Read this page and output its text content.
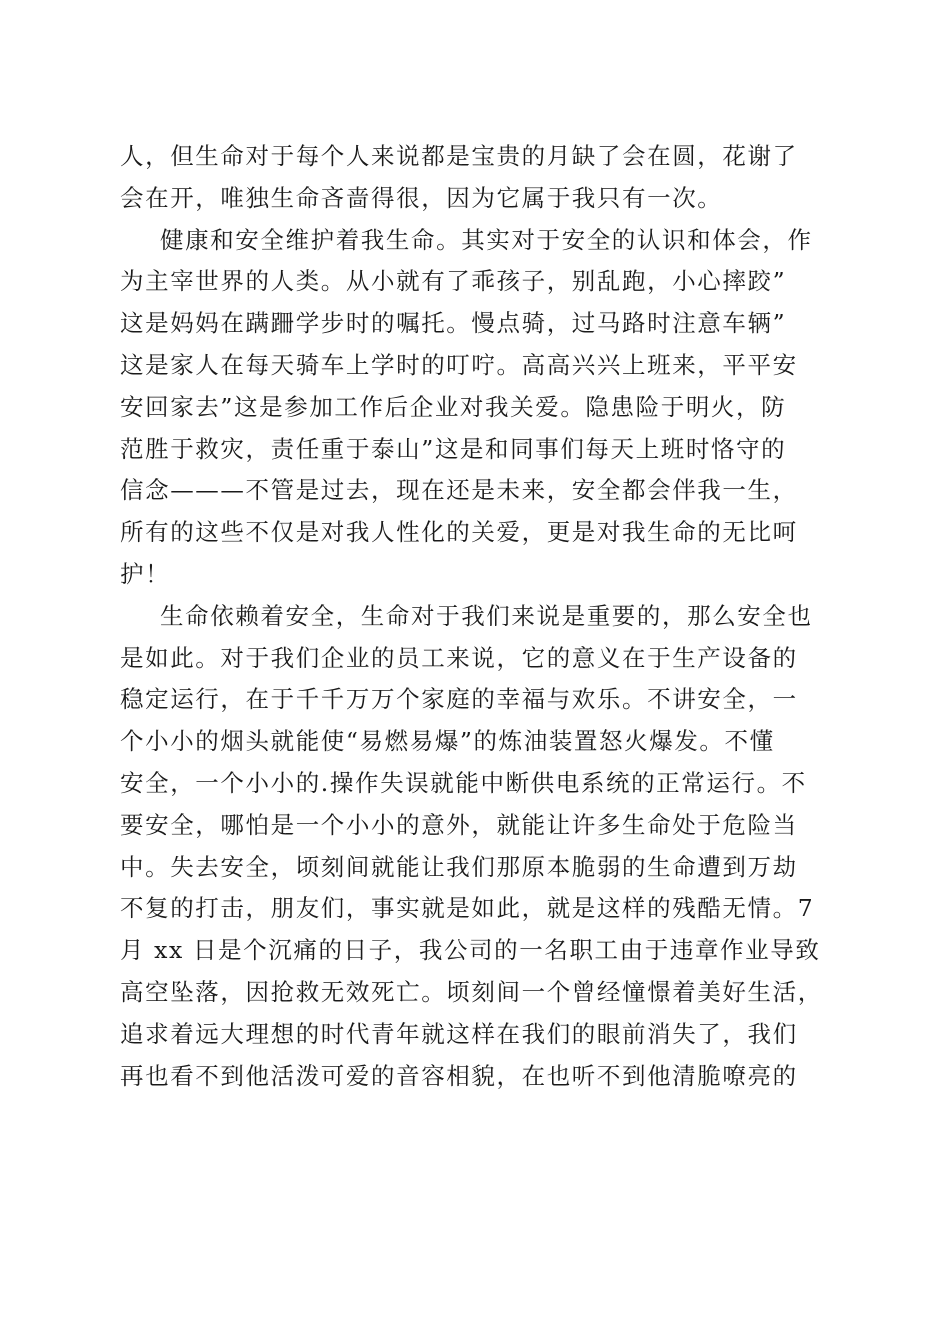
人，但生命对于每个人来说都是宝贵的月缺了会在圆，花谢了
会在开，唯独生命吝啬得很，因为它属于我只有一次。
健康和安全维护着我生命。其实对于安全的认识和体会，作
为主宰世界的人类。从小就有了乖孩子，别乱跑，小心摔跤”
这是妈妈在蹒跚学步时的嘱托。慢点骑，过马路时注意车辆”
这是家人在每天骑车上学时的叮咛。高高兴兴上班来，平平安
安回家去”这是参加工作后企业对我关爱。隐患险于明火，防
范胜于救灾，责任重于泰山”这是和同事们每天上班时恪守的
信念———不管是过去，现在还是未来，安全都会伴我一生，
所有的这些不仅是对我人性化的关爱，更是对我生命的无比呵
护！
生命依赖着安全，生命对于我们来说是重要的，那么安全也
是如此。对于我们企业的员工来说，它的意义在于生产设备的
稳定运行，在于千千万万个家庭的幸福与欢乐。不讲安全，一
个小小的烟头就能使“易燃易爆”的炼油装置怒火爆发。不懂
安全，一个小小的.操作失误就能中断供电系统的正常运行。不
要安全，哪怕是一个小小的意外，就能让许多生命处于危险当
中。失去安全，顷刻间就能让我们那原本脆弱的生命遭到万劫
不复的打击，朋友们，事实就是如此，就是这样的残酷无情。7
月 xx 日是个沉痛的日子，我公司的一名职工由于违章作业导致
高空坠落，因抢救无效死亡。顷刻间一个曾经憧憬着美好生活，
追求着远大理想的时代青年就这样在我们的眼前消失了，我们
再也看不到他活泼可爱的音容相貌，在也听不到他清脆嘹亮的
